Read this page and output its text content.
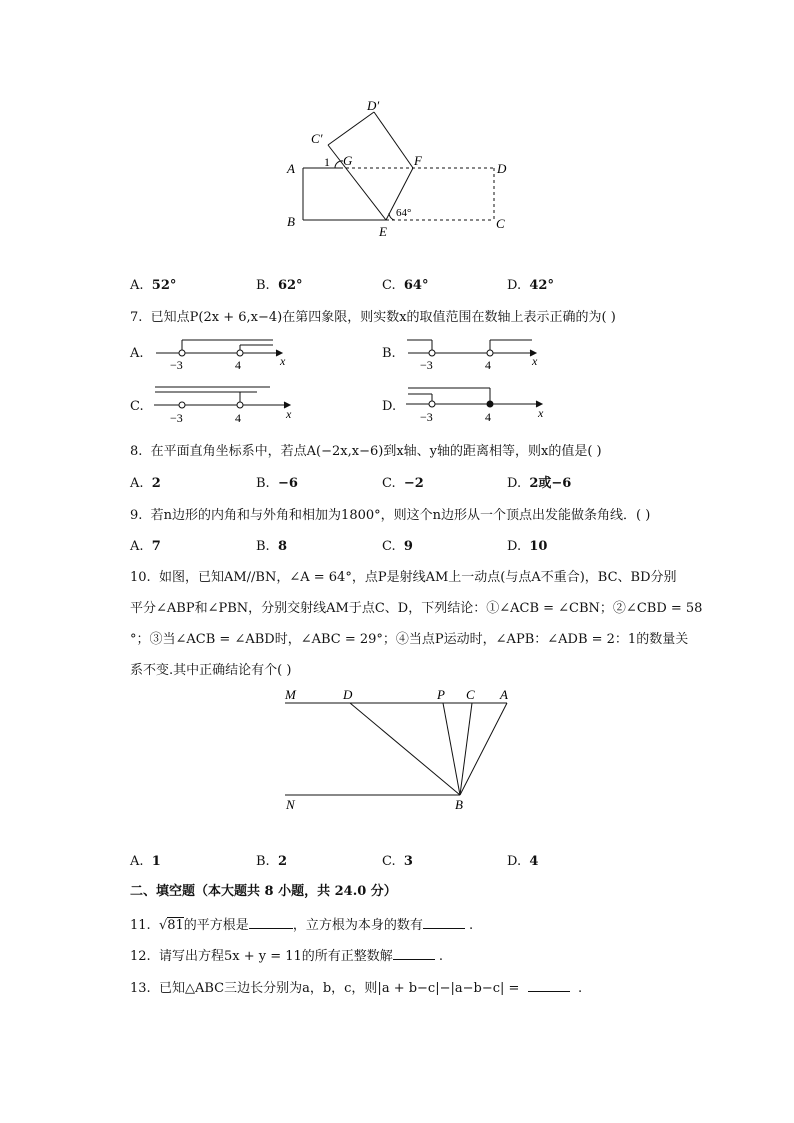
D′
C′
A 1 G	F
D
B
E
C
64°
A. 52°	B. 62°	C. 64°	D. 42°
7. 已知点P(2x + 6,x−4)在第四象限，则实数x的取值范围在数轴上表示正确的为( )
A.
−3	4	x	B.
−3	4	x
C.
−3	4	x	D.
−3	4	x
8. 在平面直角坐标系中，若点A(−2x,x−6)到x轴、y轴的距离相等，则x的值是( )
A. 2	B. −6	C. −2	D. 2或−6
9. 若n边形的内角和与外角和相加为1800°，则这个n边形从一个顶点出发能做条角线．( )
A. 7	B. 8	C. 9	D. 10
10. 如图，已知AM//BN，∠A = 64°，点P是射线AM上一动点(与点A不重合)，BC、BD分别
平分∠ABP和∠PBN，分别交射线AM于点C、D，下列结论：①∠ACB = ∠CBN；②∠CBD = 58
°；③当∠ACB = ∠ABD时，∠ABC = 29°；④当点P运动时，∠APB：∠ADB = 2：1的数量关
系不变.其中正确结论有个( )
M	D	P C A
N	B
A. 1	B. 2	C. 3	D. 4
二、填空题（本大题共 8 小题，共 24.0 分）
11. √81的平方根是	，立方根为本身的数有	.
12. 请写出方程5x + y = 11的所有正整数解	.
13. 已知△ABC三边长分别为a，b，c，则|a + b−c|−|a−b−c| =	.
